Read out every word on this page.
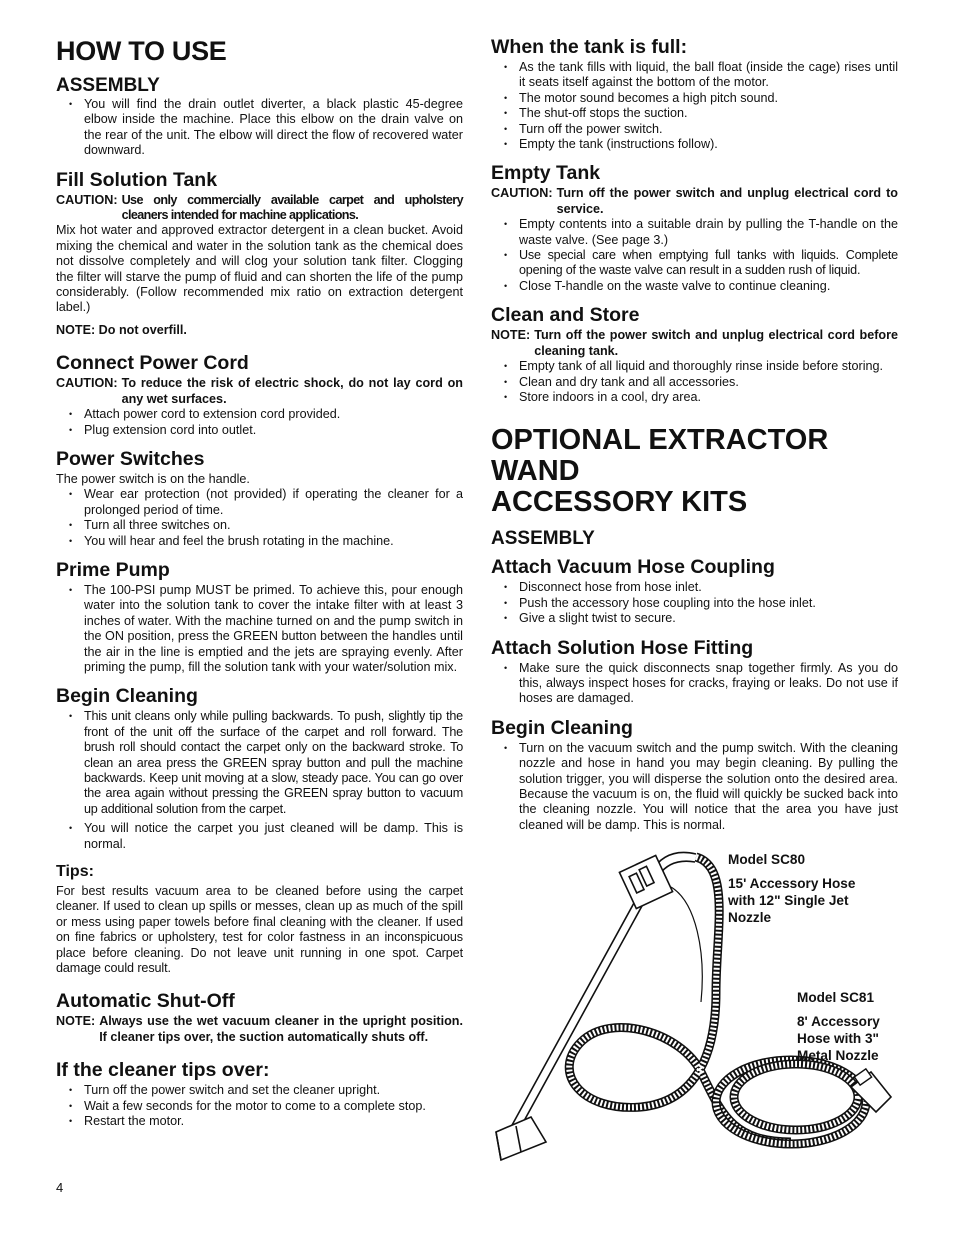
HOW TO USE
ASSEMBLY
• You will find the drain outlet diverter, a black plastic 45-degree elbow inside the machine. Place this elbow on the drain valve on the rear of the unit. The elbow will direct the flow of recovered water downward.
Fill Solution Tank
CAUTION: Use only commercially available carpet and upholstery cleaners intended for machine applications.

Mix hot water and approved extractor detergent in a clean bucket. Avoid mixing the chemical and water in the solution tank as the chemical does not dissolve completely and will clog your solution tank filter. Clogging the filter will starve the pump of fluid and can shorten the life of the pump considerably. (Follow recommended mix ratio on extraction detergent label.)

NOTE: Do not overfill.

Connect Power Cord
CAUTION: To reduce the risk of electric shock, do not lay cord on any wet surfaces.
• Attach power cord to extension cord provided.
• Plug extension cord into outlet.
Power Switches

The power switch is on the handle.

• Wear ear protection (not provided) if operating the cleaner for a prolonged period of time.
• Turn all three switches on.
• You will hear and feel the brush rotating in the machine.
Prime Pump
• The 100-PSI pump MUST be primed. To achieve this, pour enough water into the solution tank to cover the intake filter with at least 3 inches of water. With the machine turned on and the pump switch in the ON position, press the GREEN button between the handles until the air in the line is emptied and the jets are spraying evenly. After priming the pump, fill the solution tank with your water/solution mix.
Begin Cleaning
• This unit cleans only while pulling backwards. To push, slightly tip the front of the unit off the surface of the carpet and roll forward. The brush roll should contact the carpet only on the backward stroke. To clean an area press the GREEN spray button and pull the machine backwards. Keep unit moving at a slow, steady pace. You can go over the area again without pressing the GREEN spray button to vacuum up additional solution from the carpet.
• You will notice the carpet you just cleaned will be damp. This is normal.
Tips:

For best results vacuum area to be cleaned before using the carpet cleaner. If used to clean up spills or messes, clean up as much of the spill or mess using paper towels before final cleaning with the cleaner. If used on fine fabrics or upholstery, test for color fastness in an inconspicuous place before cleaning. Do not leave unit running in one spot. Carpet damage could result.

Automatic Shut-Off
NOTE: Always use the wet vacuum cleaner in the upright position. If cleaner tips over, the suction automatically shuts off.
If the cleaner tips over:
• Turn off the power switch and set the cleaner upright.
• Wait a few seconds for the motor to come to a complete stop.
• Restart the motor.
4
When the tank is full:
• As the tank fills with liquid, the ball float (inside the cage) rises until it seats itself against the bottom of the motor.
• The motor sound becomes a high pitch sound.
• The shut-off stops the suction.
• Turn off the power switch.
• Empty the tank (instructions follow).
Empty Tank
CAUTION: Turn off the power switch and unplug electrical cord to service.
• Empty contents into a suitable drain by pulling the T-handle on the waste valve. (See page 3.)
• Use special care when emptying full tanks with liquids. Complete opening of the waste valve can result in a sudden rush of liquid.
• Close T-handle on the waste valve to continue cleaning.
Clean and Store
NOTE: Turn off the power switch and unplug electrical cord before cleaning tank.
• Empty tank of all liquid and thoroughly rinse inside before storing.
• Clean and dry tank and all accessories.
• Store indoors in a cool, dry area.
OPTIONAL EXTRACTOR WAND
ACCESSORY KITS
ASSEMBLY
Attach Vacuum Hose Coupling
• Disconnect hose from hose inlet.
• Push the accessory hose coupling into the hose inlet.
• Give a slight twist to secure.
Attach Solution Hose Fitting
• Make sure the quick disconnects snap together firmly. As you do this, always inspect hoses for cracks, fraying or leaks. Do not use if hoses are damaged.
Begin Cleaning
• Turn on the vacuum switch and the pump switch. With the cleaning nozzle and hose in hand you may begin cleaning. By pulling the solution trigger, you will disperse the solution onto the desired area. Because the vacuum is on, the fluid will quickly be sucked back into the cleaning nozzle. You will notice that the area you have just cleaned will be damp. This is normal.
Model SC80
15' Accessory Hose
with 12" Single Jet
Nozzle
Model SC81
8' Accessory
Hose with 3"
Metal Nozzle
